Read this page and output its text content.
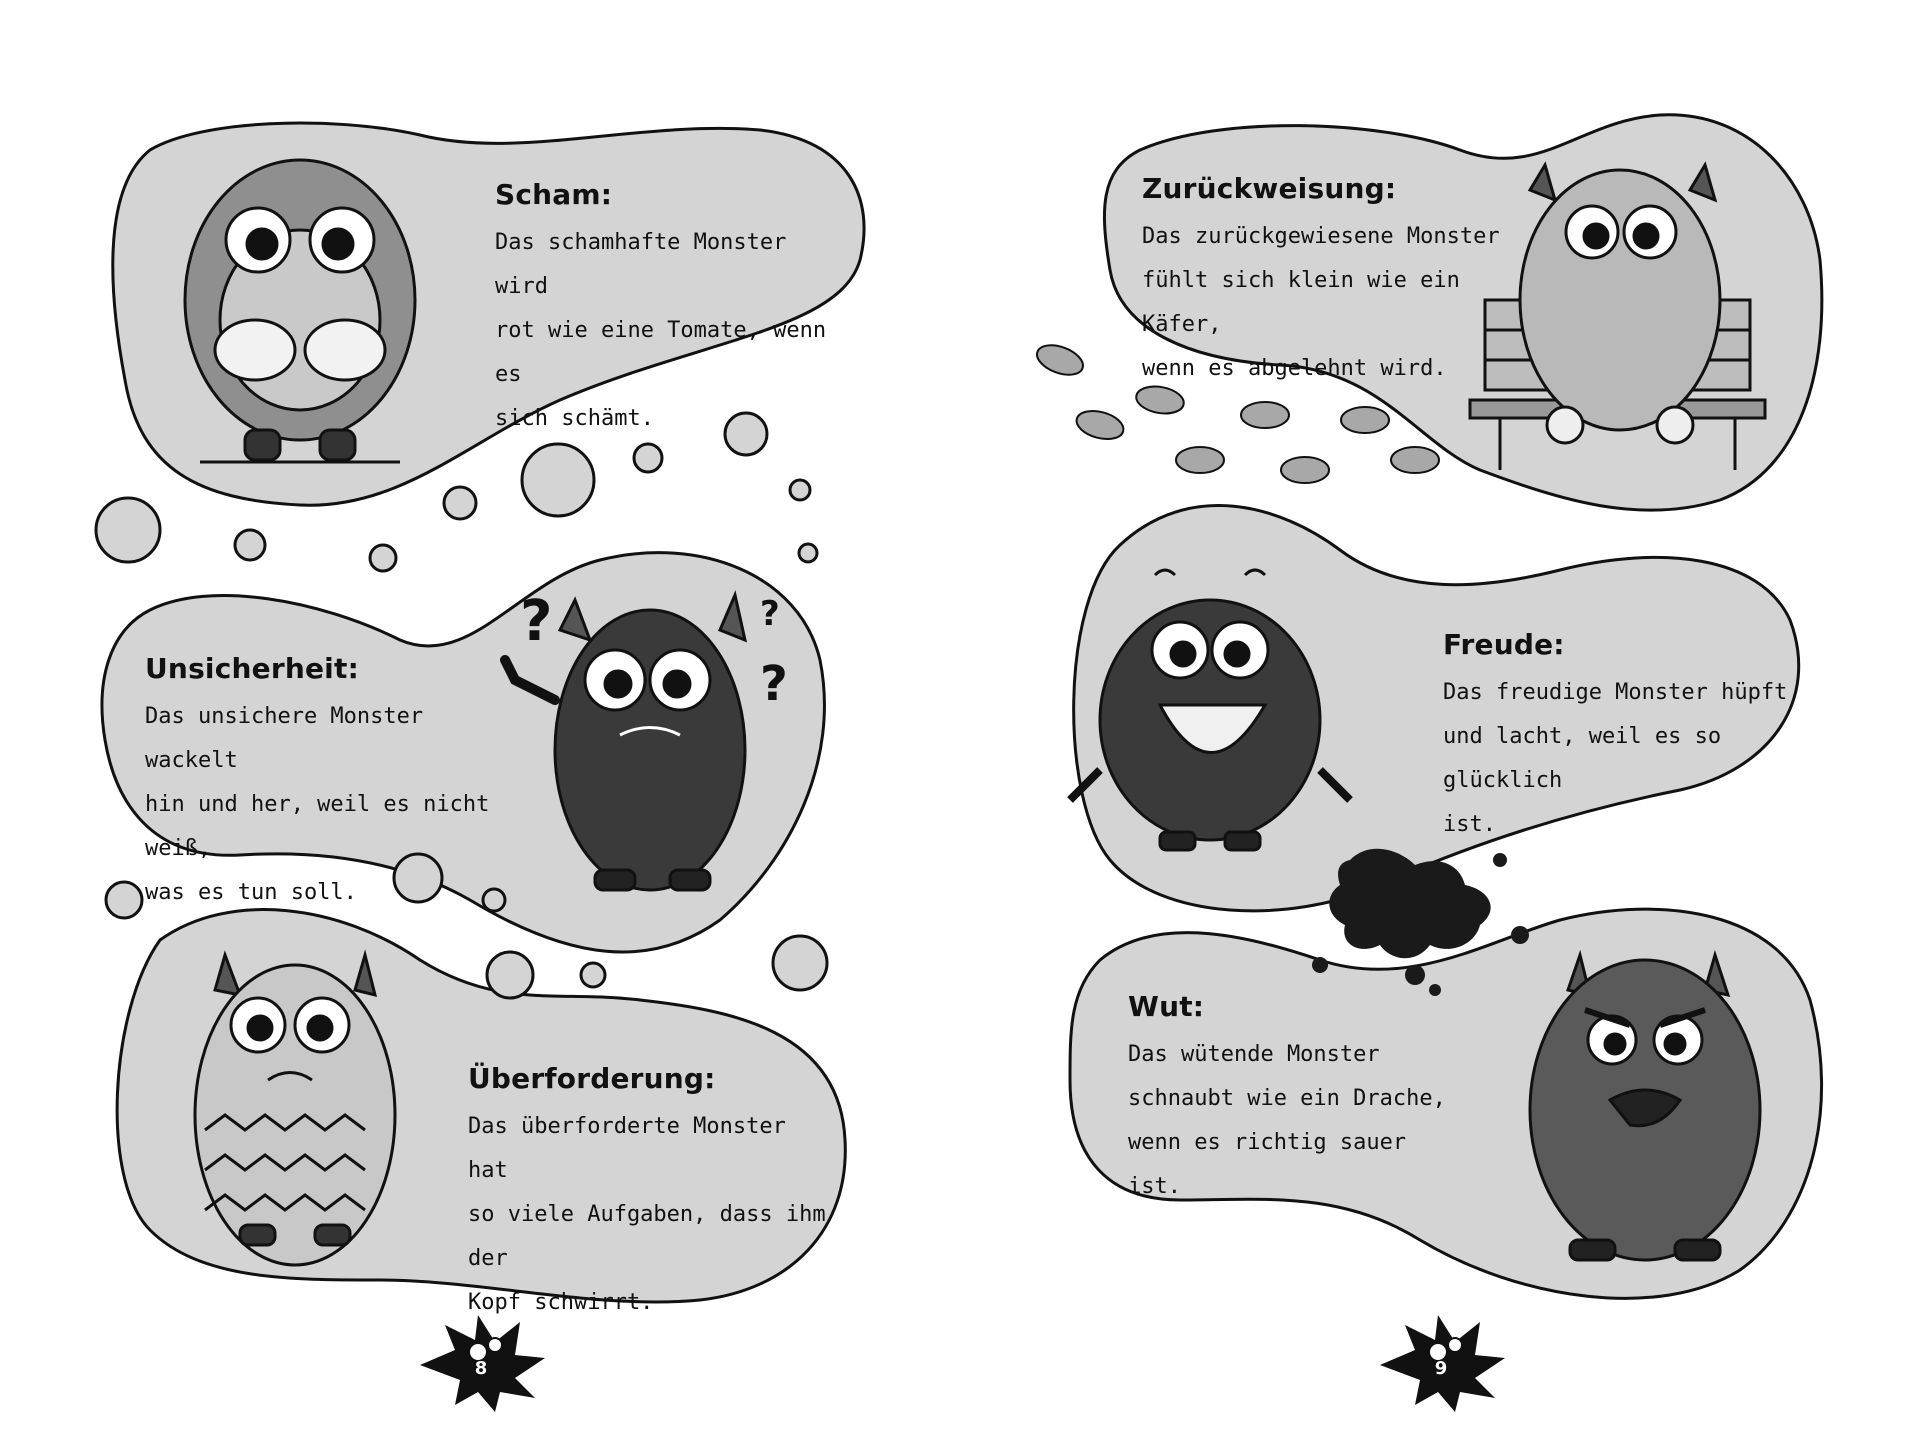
?	?
?

Scham:

Das schamhafte Monster wird

rot wie eine Tomate, wenn es

sich schämt.

Unsicherheit:

Das unsichere Monster wackelt

hin und her, weil es nicht weiß,

was es tun soll.

Überforderung:

Das überforderte Monster hat

so viele Aufgaben, dass ihm der

Kopf schwirrt.

8

Zurückweisung:

Das zurückgewiesene Monster

fühlt sich klein wie ein Käfer,

wenn es abgelehnt wird.

Freude:

Das freudige Monster hüpft

und lacht, weil es so glücklich

ist.

Wut:

Das wütende Monster

schnaubt wie ein Drache,

wenn es richtig sauer ist.

9
